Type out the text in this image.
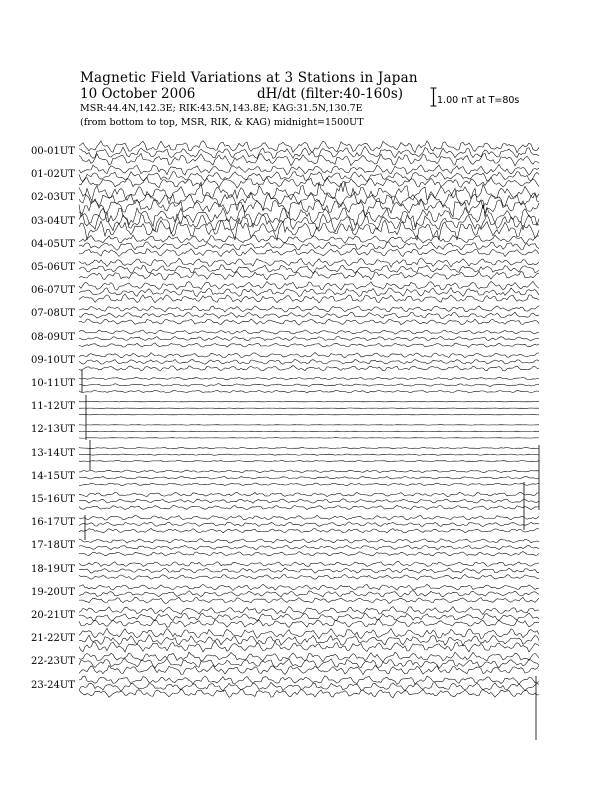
Magnetic Field Variations at 3 Stations in Japan
10 October 2006	dH/dt (filter:40-160s)
MSR:44.4N,142.3E; RIK:43.5N,143.8E; KAG:31.5N,130.7E
(from bottom to top, MSR, RIK, & KAG) midnight=1500UT
1.00 nT at T=80s
00-01UT
01-02UT
02-03UT
03-04UT
04-05UT
05-06UT
06-07UT
07-08UT
08-09UT
09-10UT
10-11UT
11-12UT
12-13UT
13-14UT
14-15UT
15-16UT
16-17UT
17-18UT
18-19UT
19-20UT
20-21UT
21-22UT
22-23UT
23-24UT
